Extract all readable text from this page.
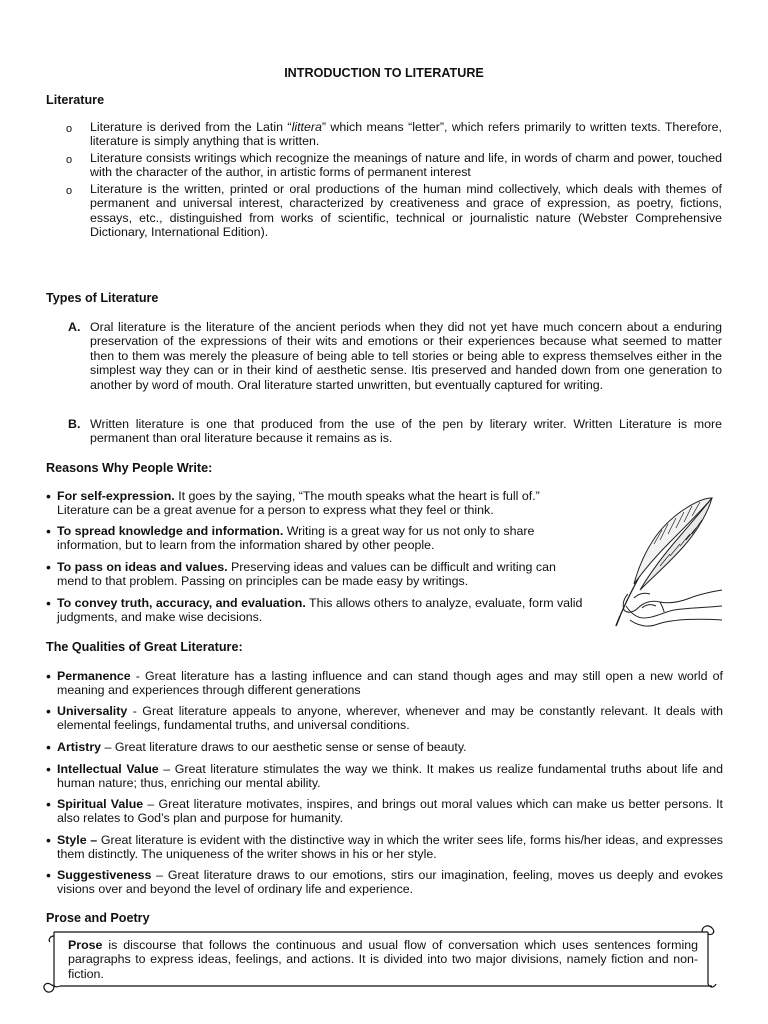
INTRODUCTION TO LITERATURE
Literature
o Literature is derived from the Latin “littera” which means “letter”, which refers primarily to written texts. Therefore, literature is simply anything that is written.
o Literature consists writings which recognize the meanings of nature and life, in words of charm and power, touched with the character of the author, in artistic forms of permanent interest
o Literature is the written, printed or oral productions of the human mind collectively, which deals with themes of permanent and universal interest, characterized by creativeness and grace of expression, as poetry, fictions, essays, etc., distinguished from works of scientific, technical or journalistic nature (Webster Comprehensive Dictionary, International Edition).
Types of Literature
A. Oral literature is the literature of the ancient periods when they did not yet have much concern about a enduring preservation of the expressions of their wits and emotions or their experiences because what seemed to matter then to them was merely the pleasure of being able to tell stories or being able to express themselves either in the simplest way they can or in their kind of aesthetic sense. Itis preserved and handed down from one generation to another by word of mouth. Oral literature started unwritten, but eventually captured for writing.
B. Written literature is one that produced from the use of the pen by literary writer. Written Literature is more permanent than oral literature because it remains as is.
Reasons Why People Write:
• For self-expression. It goes by the saying, “The mouth speaks what the heart is full of.” Literature can be a great avenue for a person to express what they feel or think.
• To spread knowledge and information. Writing is a great way for us not only to share information, but to learn from the information shared by other people.
• To pass on ideas and values. Preserving ideas and values can be difficult and writing can mend to that problem. Passing on principles can be made easy by writings.
• To convey truth, accuracy, and evaluation. This allows others to analyze, evaluate, form valid judgments, and make wise decisions.
The Qualities of Great Literature:
• Permanence - Great literature has a lasting influence and can stand though ages and may still open a new world of meaning and experiences through different generations
• Universality - Great literature appeals to anyone, wherever, whenever and may be constantly relevant. It deals with elemental feelings, fundamental truths, and universal conditions.
• Artistry – Great literature draws to our aesthetic sense or sense of beauty.
• Intellectual Value – Great literature stimulates the way we think. It makes us realize fundamental truths about life and human nature; thus, enriching our mental ability.
• Spiritual Value – Great literature motivates, inspires, and brings out moral values which can make us better persons. It also relates to God’s plan and purpose for humanity.
• Style – Great literature is evident with the distinctive way in which the writer sees life, forms his/her ideas, and expresses them distinctly. The uniqueness of the writer shows in his or her style.
• Suggestiveness – Great literature draws to our emotions, stirs our imagination, feeling, moves us deeply and evokes visions over and beyond the level of ordinary life and experience.
Prose and Poetry
Prose is discourse that follows the continuous and usual flow of conversation which uses sentences forming paragraphs to express ideas, feelings, and actions. It is divided into two major divisions, namely fiction and non-fiction.
